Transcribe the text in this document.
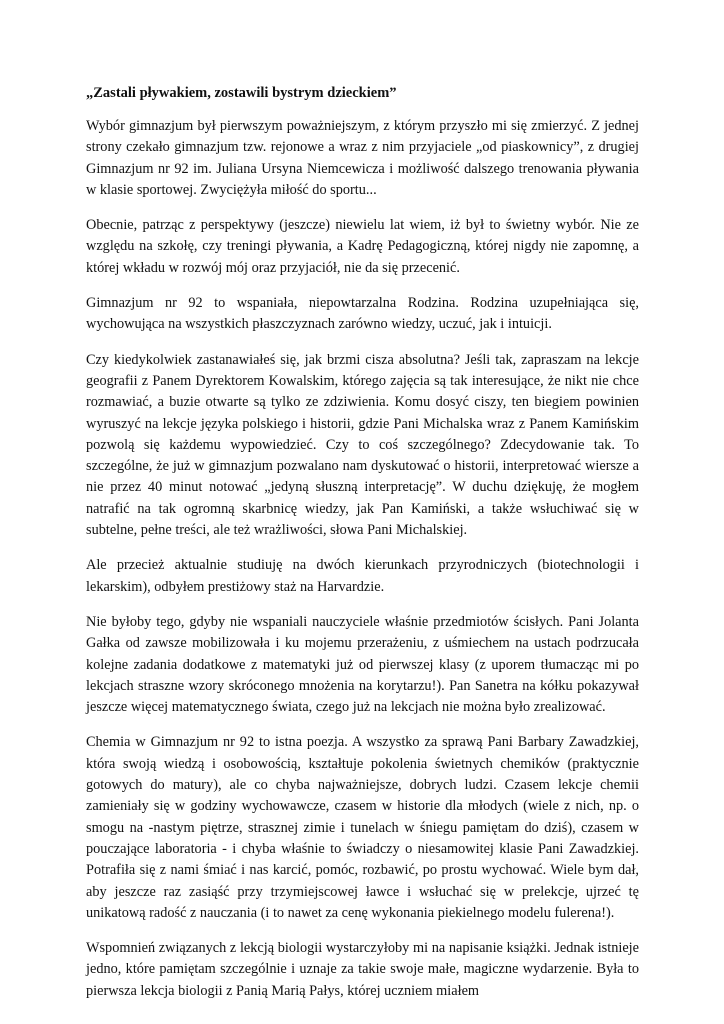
„Zastali pływakiem, zostawili bystrym dzieckiem”

Wybór gimnazjum był pierwszym poważniejszym, z którym przyszło mi się zmierzyć. Z jednej strony czekało gimnazjum tzw. rejonowe a wraz z nim przyjaciele „od piaskownicy”, z drugiej Gimnazjum nr 92 im. Juliana Ursyna Niemcewicza i możliwość dalszego trenowania pływania w klasie sportowej. Zwyciężyła miłość do sportu...

Obecnie, patrząc z perspektywy (jeszcze) niewielu lat wiem, iż był to świetny wybór. Nie ze względu na szkołę, czy treningi pływania, a Kadrę Pedagogiczną, której nigdy nie zapomnę, a której wkładu w rozwój mój oraz przyjaciół, nie da się przecenić.

Gimnazjum nr 92 to wspaniała, niepowtarzalna Rodzina. Rodzina uzupełniająca się, wychowująca na wszystkich płaszczyznach zarówno wiedzy, uczuć, jak i intuicji.

Czy kiedykolwiek zastanawiałeś się, jak brzmi cisza absolutna? Jeśli tak, zapraszam na lekcje geografii z Panem Dyrektorem Kowalskim, którego zajęcia są tak interesujące, że nikt nie chce rozmawiać, a buzie otwarte są tylko ze zdziwienia. Komu dosyć ciszy, ten biegiem powinien wyruszyć na lekcje języka polskiego i historii, gdzie Pani Michalska wraz z Panem Kamińskim pozwolą się każdemu wypowiedzieć. Czy to coś szczególnego? Zdecydowanie tak. To szczególne, że już w gimnazjum pozwalano nam dyskutować o historii, interpretować wiersze a nie przez 40 minut notować „jedyną słuszną interpretację”. W duchu dziękuję, że mogłem natrafić na tak ogromną skarbnicę wiedzy, jak Pan Kamiński, a także wsłuchiwać się w subtelne, pełne treści, ale też wrażliwości, słowa Pani Michalskiej.

Ale przecież aktualnie studiuję na dwóch kierunkach przyrodniczych (biotechnologii i lekarskim), odbyłem prestiżowy staż na Harvardzie.

Nie byłoby tego, gdyby nie wspaniali nauczyciele właśnie przedmiotów ścisłych. Pani Jolanta Gałka od zawsze mobilizowała i ku mojemu przerażeniu, z uśmiechem na ustach podrzucała kolejne zadania dodatkowe z matematyki już od pierwszej klasy (z uporem tłumacząc mi po lekcjach straszne wzory skróconego mnożenia na korytarzu!). Pan Sanetra na kółku pokazywał jeszcze więcej matematycznego świata, czego już na lekcjach nie można było zrealizować.

Chemia w Gimnazjum nr 92 to istna poezja. A wszystko za sprawą Pani Barbary Zawadzkiej, która swoją wiedzą i osobowością, kształtuje pokolenia świetnych chemików (praktycznie gotowych do matury), ale co chyba najważniejsze, dobrych ludzi. Czasem lekcje chemii zamieniały się w godziny wychowawcze, czasem w historie dla młodych (wiele z nich, np. o smogu na -nastym piętrze, strasznej zimie i tunelach w śniegu pamiętam do dziś), czasem w pouczające laboratoria - i chyba właśnie to świadczy o niesamowitej klasie Pani Zawadzkiej. Potrafiła się z nami śmiać i nas karcić, pomóc, rozbawić, po prostu wychować. Wiele bym dał, aby jeszcze raz zasiąść przy trzymiejscowej ławce i wsłuchać się w prelekcje, ujrzeć tę unikatową radość z nauczania (i to nawet za cenę wykonania piekielnego modelu fulerena!).

Wspomnień związanych z lekcją biologii wystarczyłoby mi na napisanie książki. Jednak istnieje jedno, które pamiętam szczególnie i uznaje za takie swoje małe, magiczne wydarzenie. Była to pierwsza lekcja biologii z Panią Marią Pałys, której uczniem miałem
